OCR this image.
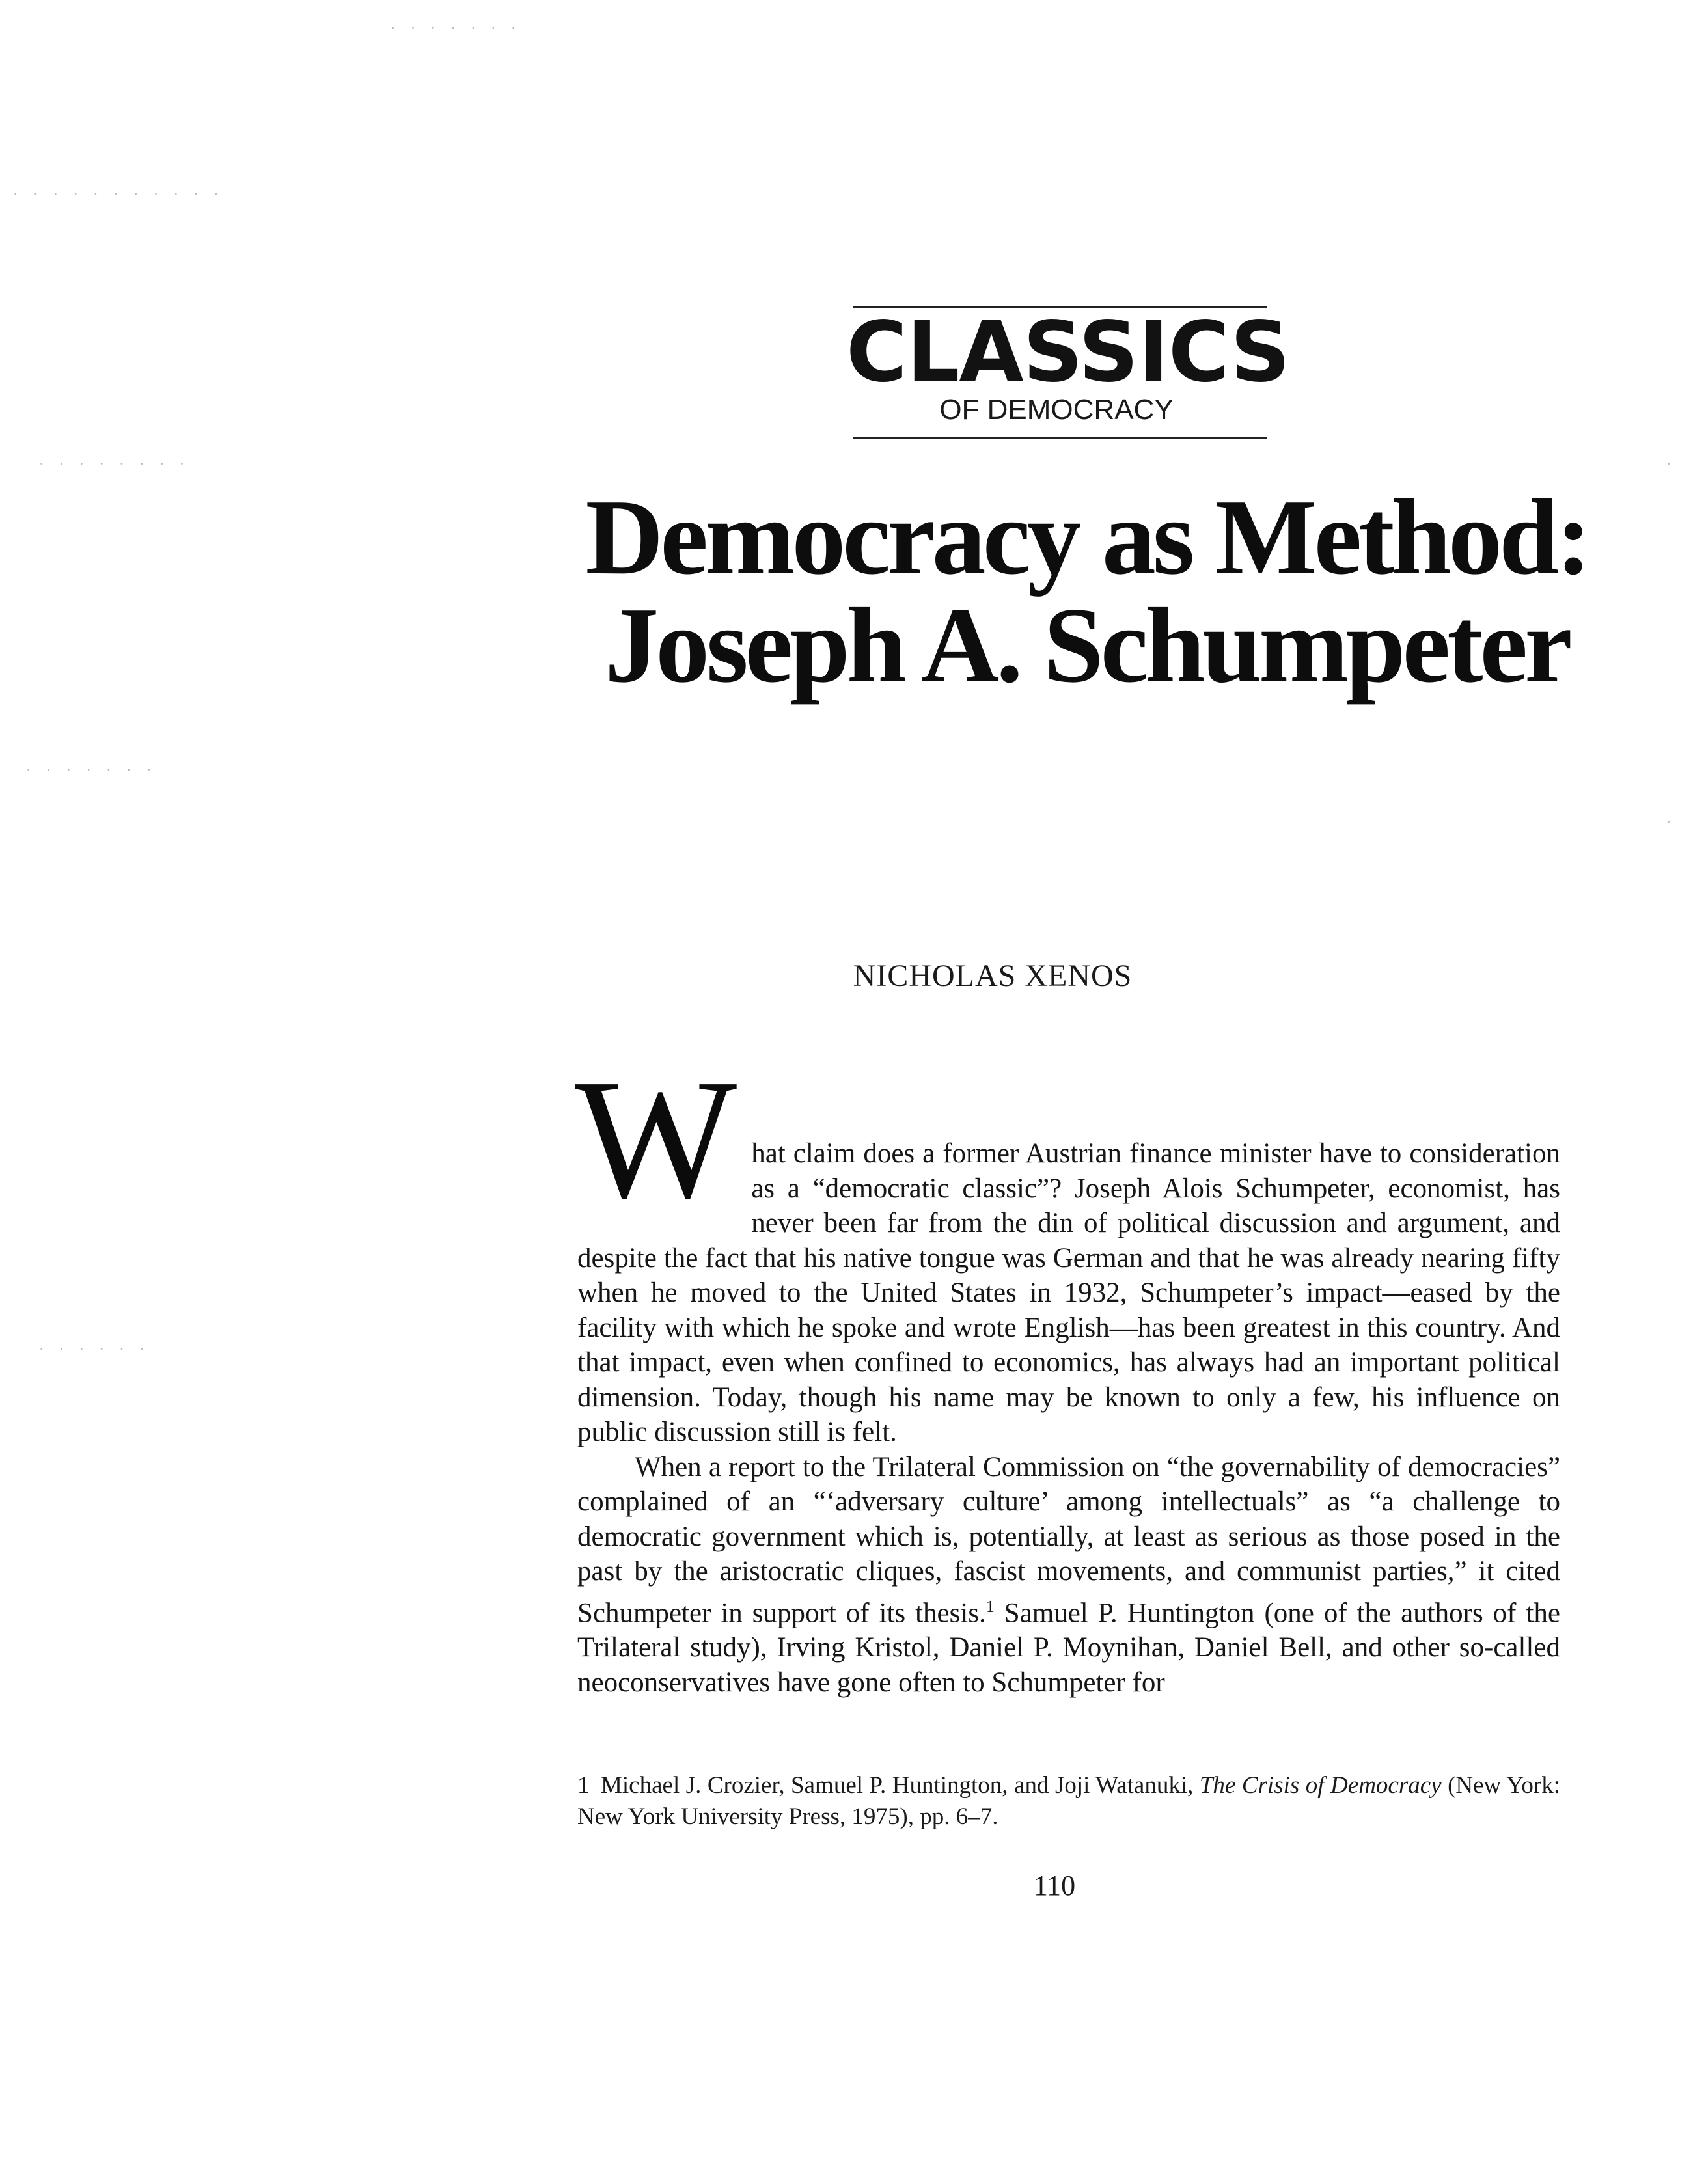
· · · · · · ·
· · · · · · · · · · ·
· · · · · · · ·
· · · · · · ·
· · · · · ·
·
·
CLASSICS
OF DEMOCRACY
Democracy as Method:
Joseph A. Schumpeter
NICHOLAS XENOS

W hat claim does a former Austrian finance minister have to consideration as a “democratic classic”? Joseph Alois Schumpeter, economist, has never been far from the din of political discussion and argument, and despite the fact that his native tongue was German and that he was already nearing fifty when he moved to the United States in 1932, Schumpeter’s impact—eased by the facility with which he spoke and wrote English—has been greatest in this country. And that impact, even when confined to economics, has always had an important political dimension. Today, though his name may be known to only a few, his influence on public discussion still is felt.

When a report to the Trilateral Commission on “the governability of democracies” complained of an “‘adversary culture’ among intellectuals” as “a challenge to democratic government which is, potentially, at least as serious as those posed in the past by the aristocratic cliques, fascist movements, and communist parties,” it cited Schumpeter in support of its thesis.$^1$ Samuel P. Huntington (one of the authors of the Trilateral study), Irving Kristol, Daniel P. Moynihan, Daniel Bell, and other so-called neoconservatives have gone often to Schumpeter for

1 Michael J. Crozier, Samuel P. Huntington, and Joji Watanuki, The Crisis of Democracy (New York: New York University Press, 1975), pp. 6–7.
110
